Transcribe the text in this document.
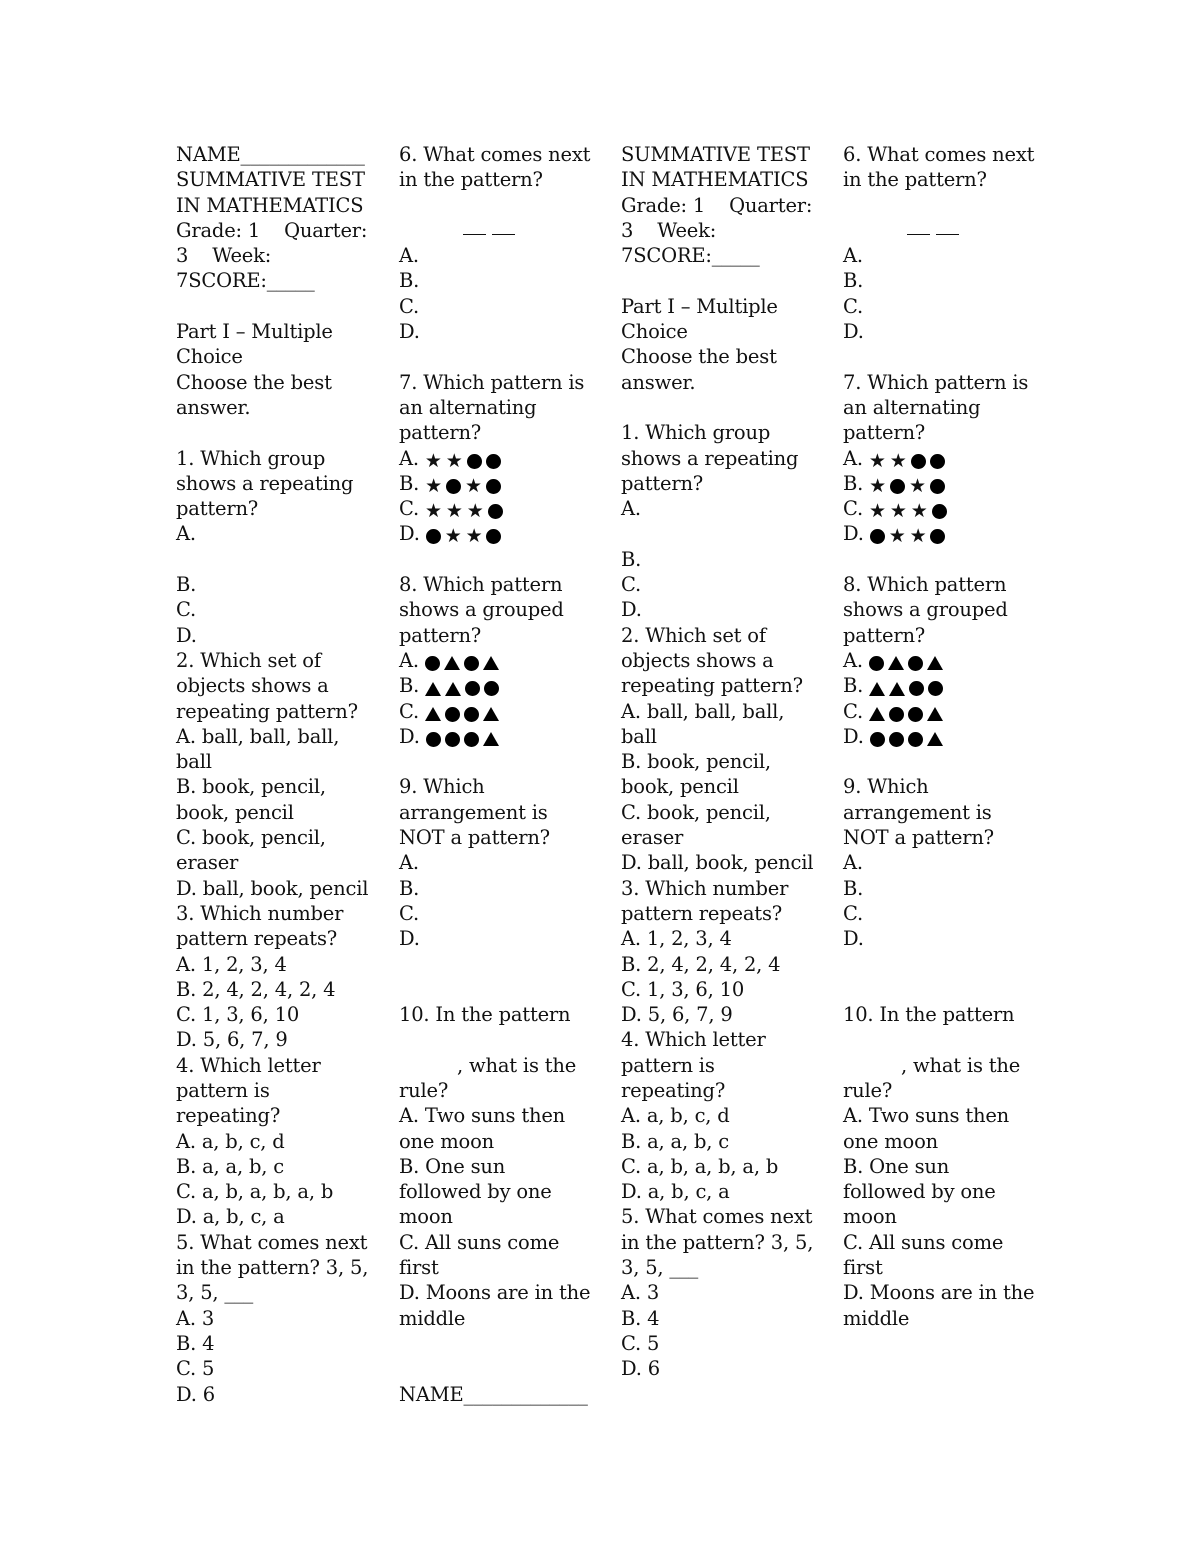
NAME_____________
SUMMATIVE TEST
IN MATHEMATICS
Grade: 1    Quarter:
3    Week:
7SCORE:_____
Part I – Multiple
Choice
Choose the best
answer.
1. Which group
shows a repeating
pattern?
A.
B.
C.
D.
2. Which set of
objects shows a
repeating pattern?
A. ball, ball, ball,
ball
B. book, pencil,
book, pencil
C. book, pencil,
eraser
D. ball, book, pencil
3. Which number
pattern repeats?
A. 1, 2, 3, 4
B. 2, 4, 2, 4, 2, 4
C. 1, 3, 6, 10
D. 5, 6, 7, 9
4. Which letter
pattern is
repeating?
A. a, b, c, d
B. a, a, b, c
C. a, b, a, b, a, b
D. a, b, c, a
5. What comes next
in the pattern? 3, 5,
3, 5, ___
A. 3
B. 4
C. 5
D. 6
6. What comes next
in the pattern?
A.
B.
C.
D.
7. Which pattern is
an alternating
pattern?
A. ★ ★
B. ★ ★
C. ★ ★ ★
D. ★ ★
8. Which pattern
shows a grouped
pattern?
A.
B.
C.
D.
9. Which
arrangement is
NOT a pattern?
A.
B.
C.
D.
10. In the pattern
, what is the
rule?
A. Two suns then
one moon
B. One sun
followed by one
moon
C. All suns come
first
D. Moons are in the
middle
NAME_____________
SUMMATIVE TEST
IN MATHEMATICS
Grade: 1    Quarter:
3    Week:
7SCORE:_____
Part I – Multiple
Choice
Choose the best
answer.
1. Which group
shows a repeating
pattern?
A.
B.
C.
D.
2. Which set of
objects shows a
repeating pattern?
A. ball, ball, ball,
ball
B. book, pencil,
book, pencil
C. book, pencil,
eraser
D. ball, book, pencil
3. Which number
pattern repeats?
A. 1, 2, 3, 4
B. 2, 4, 2, 4, 2, 4
C. 1, 3, 6, 10
D. 5, 6, 7, 9
4. Which letter
pattern is
repeating?
A. a, b, c, d
B. a, a, b, c
C. a, b, a, b, a, b
D. a, b, c, a
5. What comes next
in the pattern? 3, 5,
3, 5, ___
A. 3
B. 4
C. 5
D. 6
6. What comes next
in the pattern?
A.
B.
C.
D.
7. Which pattern is
an alternating
pattern?
A. ★ ★
B. ★ ★
C. ★ ★ ★
D. ★ ★
8. Which pattern
shows a grouped
pattern?
A.
B.
C.
D.
9. Which
arrangement is
NOT a pattern?
A.
B.
C.
D.
10. In the pattern
, what is the
rule?
A. Two suns then
one moon
B. One sun
followed by one
moon
C. All suns come
first
D. Moons are in the
middle
